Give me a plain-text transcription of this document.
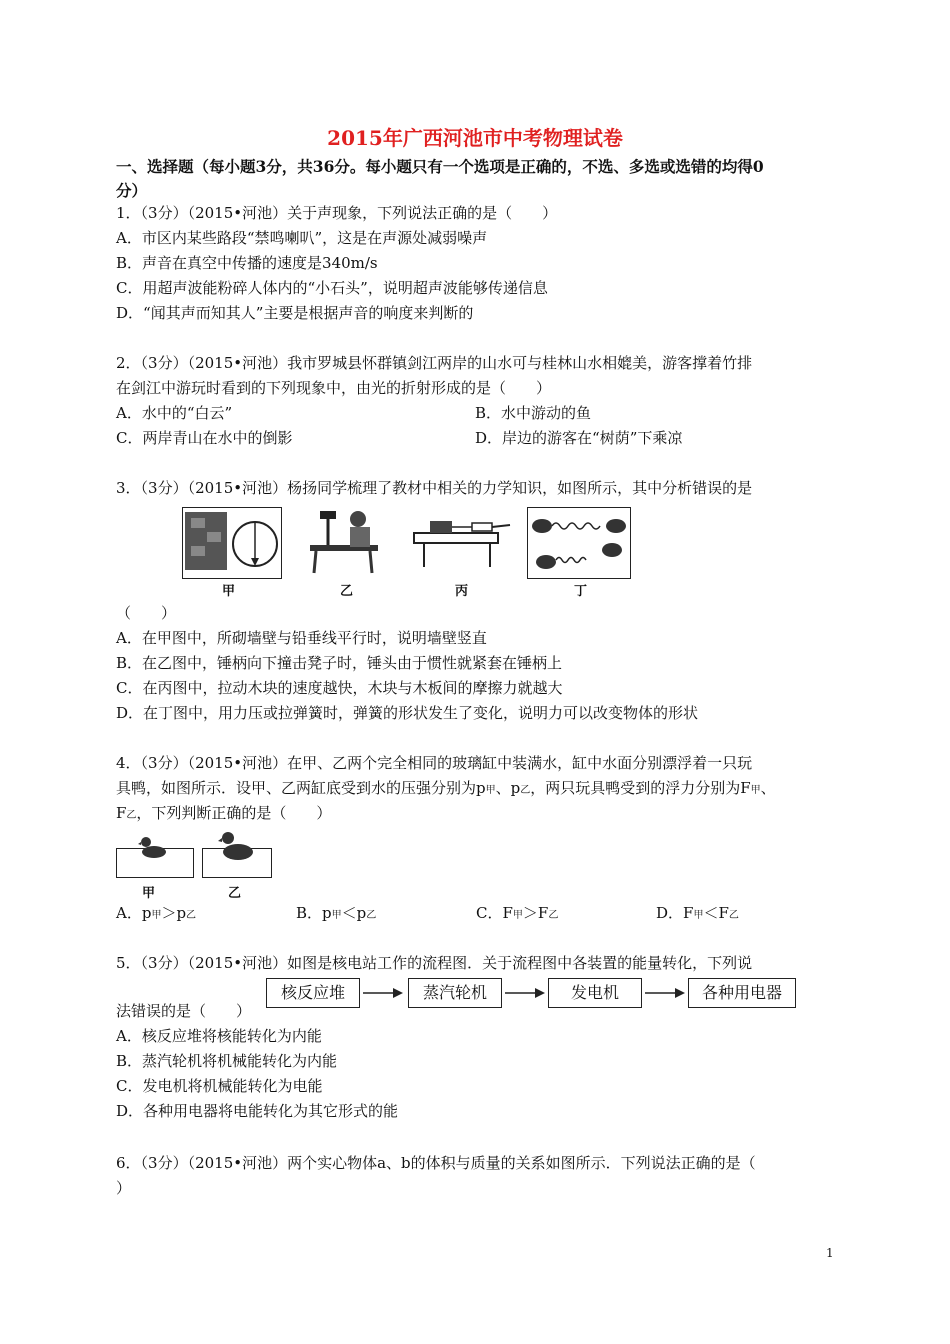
2015年广西河池市中考物理试卷
一、选择题（每小题3分，共36分。每小题只有一个选项是正确的，不选、多选或选错的均得0
分）
1．（3分）（2015•河池）关于声现象，下列说法正确的是（　　）
A．市区内某些路段“禁鸣喇叭”，这是在声源处减弱噪声
B．声音在真空中传播的速度是340m/s
C．用超声波能粉碎人体内的“小石头”，说明超声波能够传递信息
D．“闻其声而知其人”主要是根据声音的响度来判断的
2．（3分）（2015•河池）我市罗城县怀群镇剑江两岸的山水可与桂林山水相媲美，游客撑着竹排
在剑江中游玩时看到的下列现象中，由光的折射形成的是（　　）
A．水中的“白云”	B．水中游动的鱼
C．两岸青山在水中的倒影	D．岸边的游客在“树荫”下乘凉
3．（3分）（2015•河池）杨扬同学梳理了教材中相关的力学知识，如图所示，其中分析错误的是
甲	乙	丙	丁
（　　）
A．在甲图中，所砌墙壁与铅垂线平行时，说明墙壁竖直
B．在乙图中，锤柄向下撞击凳子时，锤头由于惯性就紧套在锤柄上
C．在丙图中，拉动木块的速度越快，木块与木板间的摩擦力就越大
D．在丁图中，用力压或拉弹簧时，弹簧的形状发生了变化，说明力可以改变物体的形状
4．（3分）（2015•河池）在甲、乙两个完全相同的玻璃缸中装满水，缸中水面分别漂浮着一只玩
具鸭，如图所示．设甲、乙两缸底受到水的压强分别为p甲、p乙，两只玩具鸭受到的浮力分别为F甲、
F乙，下列判断正确的是（　　）
甲	乙
A．p甲＞p乙	B．p甲＜p乙	C．F甲＞F乙	D．F甲＜F乙
5．（3分）（2015•河池）如图是核电站工作的流程图．关于流程图中各装置的能量转化，下列说
法错误的是（　　）
核反应堆	蒸汽轮机	发电机	各种用电器
A．核反应堆将核能转化为内能
B．蒸汽轮机将机械能转化为内能
C．发电机将机械能转化为电能
D．各种用电器将电能转化为其它形式的能
6．（3分）（2015•河池）两个实心物体a、b的体积与质量的关系如图所示．下列说法正确的是（
）
1
